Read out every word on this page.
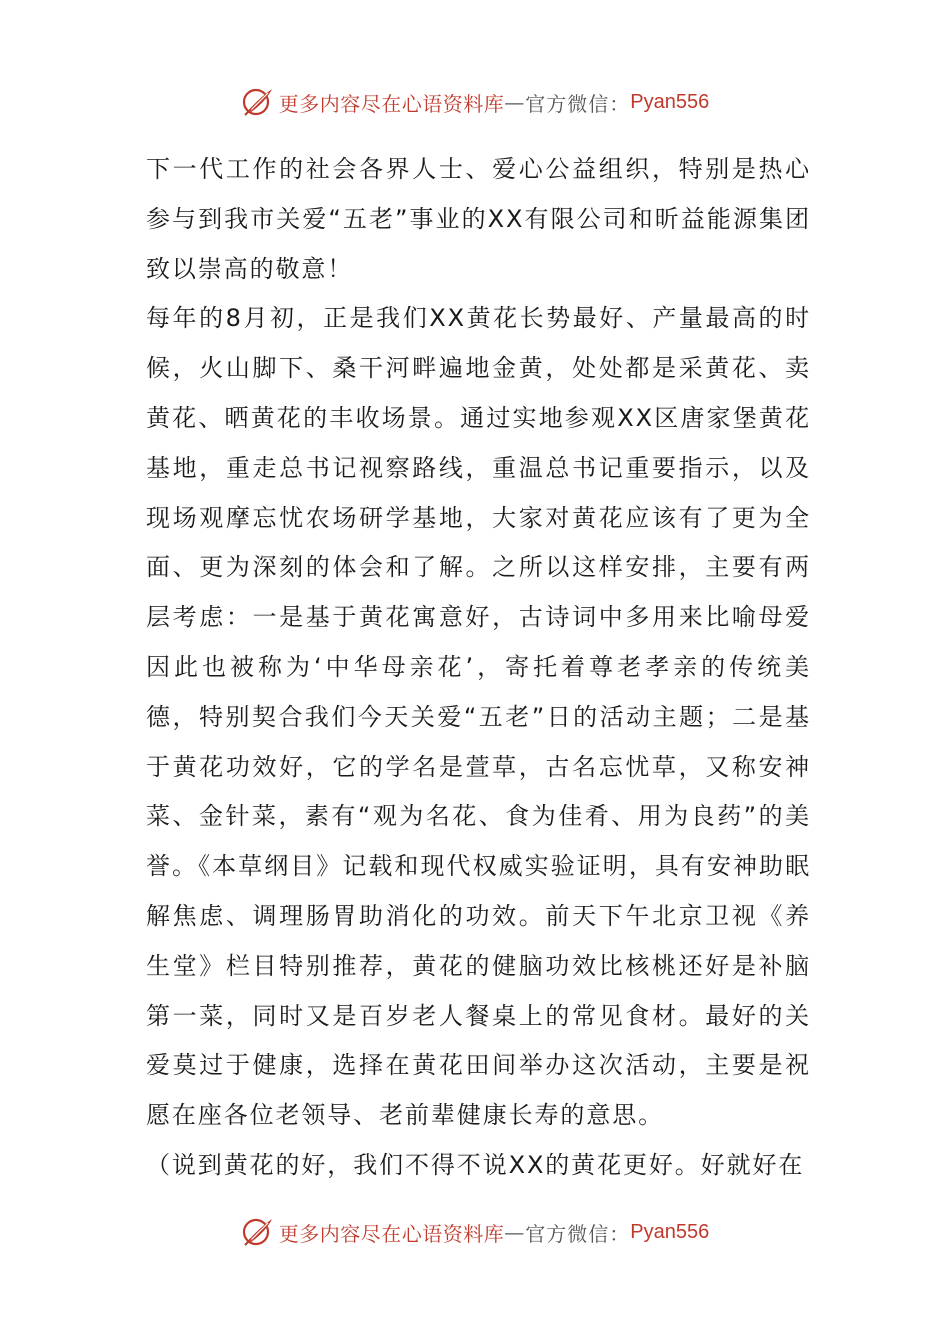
更多内容尽在心语资料库 — 官方微信： Pyan556

下一代工作的社会各界人士、爱心公益组织，特别是热心参与到我市关爱“五老”事业的XX有限公司和昕益能源集团致以崇高的敬意！

每年的8月初，正是我们XX黄花长势最好、产量最高的时候，火山脚下、桑干河畔遍地金黄，处处都是采黄花、卖黄花、晒黄花的丰收场景。通过实地参观XX区唐家堡黄花基地，重走总书记视察路线，重温总书记重要指示，以及现场观摩忘忧农场研学基地，大家对黄花应该有了更为全面、更为深刻的体会和了解。之所以这样安排，主要有两层考虑：一是基于黄花寓意好，古诗词中多用来比喻母爱因此也被称为‘中华母亲花’，寄托着尊老孝亲的传统美德，特别契合我们今天关爱“五老”日的活动主题；二是基于黄花功效好，它的学名是萱草，古名忘忧草，又称安神菜、金针菜，素有“观为名花、食为佳肴、用为良药”的美誉。《本草纲目》记载和现代权威实验证明，具有安神助眠解焦虑、调理肠胃助消化的功效。前天下午北京卫视《养生堂》栏目特别推荐，黄花的健脑功效比核桃还好是补脑第一菜，同时又是百岁老人餐桌上的常见食材。最好的关爱莫过于健康，选择在黄花田间举办这次活动，主要是祝愿在座各位老领导、老前辈健康长寿的意思。

（说到黄花的好，我们不得不说XX的黄花更好。好就好在

更多内容尽在心语资料库 — 官方微信： Pyan556
